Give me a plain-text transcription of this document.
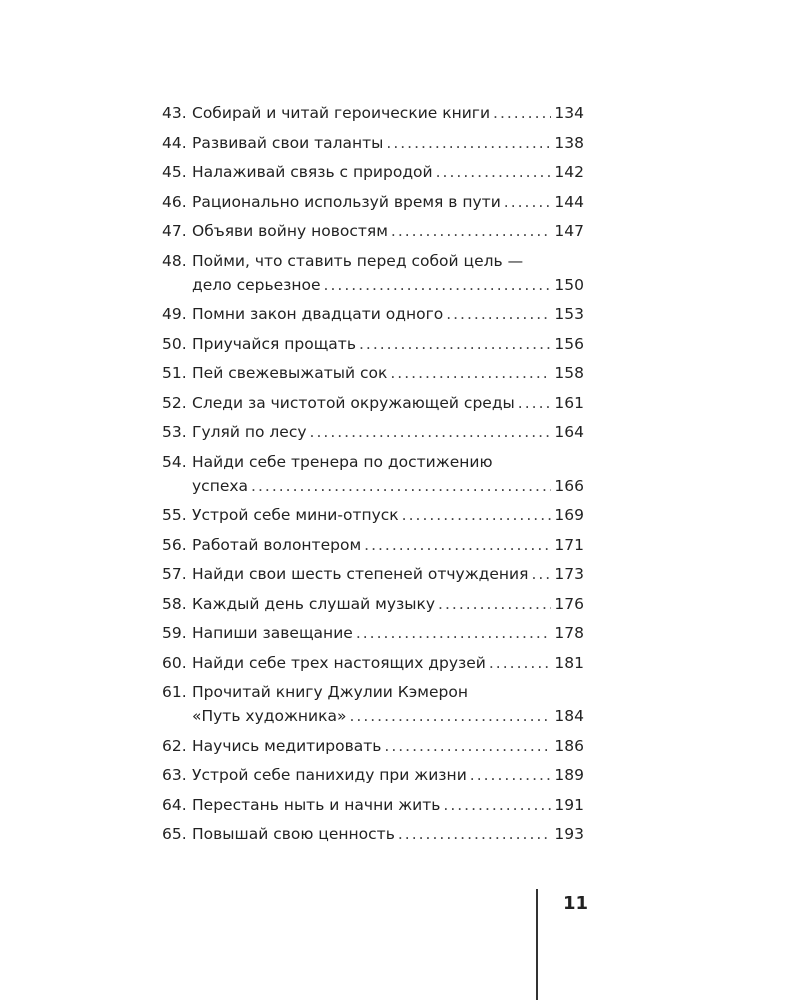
43. Собирай и читай героические книги .....	134
44. Развивай свои таланты .....	138
45. Налаживай связь с природой .....	142
46. Рационально используй время в пути .....	144
47. Объяви войну новостям .....	147
48. Пойми, что ставить перед собой цель —
дело серьезное .....	150
49. Помни закон двадцати одного .....	153
50. Приучайся прощать .....	156
51. Пей свежевыжатый сок .....	158
52. Следи за чистотой окружающей среды .....	161
53. Гуляй по лесу .....	164
54. Найди себе тренера по достижению
успеха .....	166
55. Устрой себе мини-отпуск .....	169
56. Работай волонтером .....	171
57. Найди свои шесть степеней отчуждения ..... 173
58. Каждый день слушай музыку .....	176
59. Напиши завещание .....	178
60. Найди себе трех настоящих друзей .....	181
61. Прочитай книгу Джулии Кэмерон
«Путь художника» .....	184
62. Научись медитировать .....	186
63. Устрой себе панихиду при жизни .....	189
64. Перестань ныть и начни жить .....	191
65. Повышай свою ценность .....	193
11
